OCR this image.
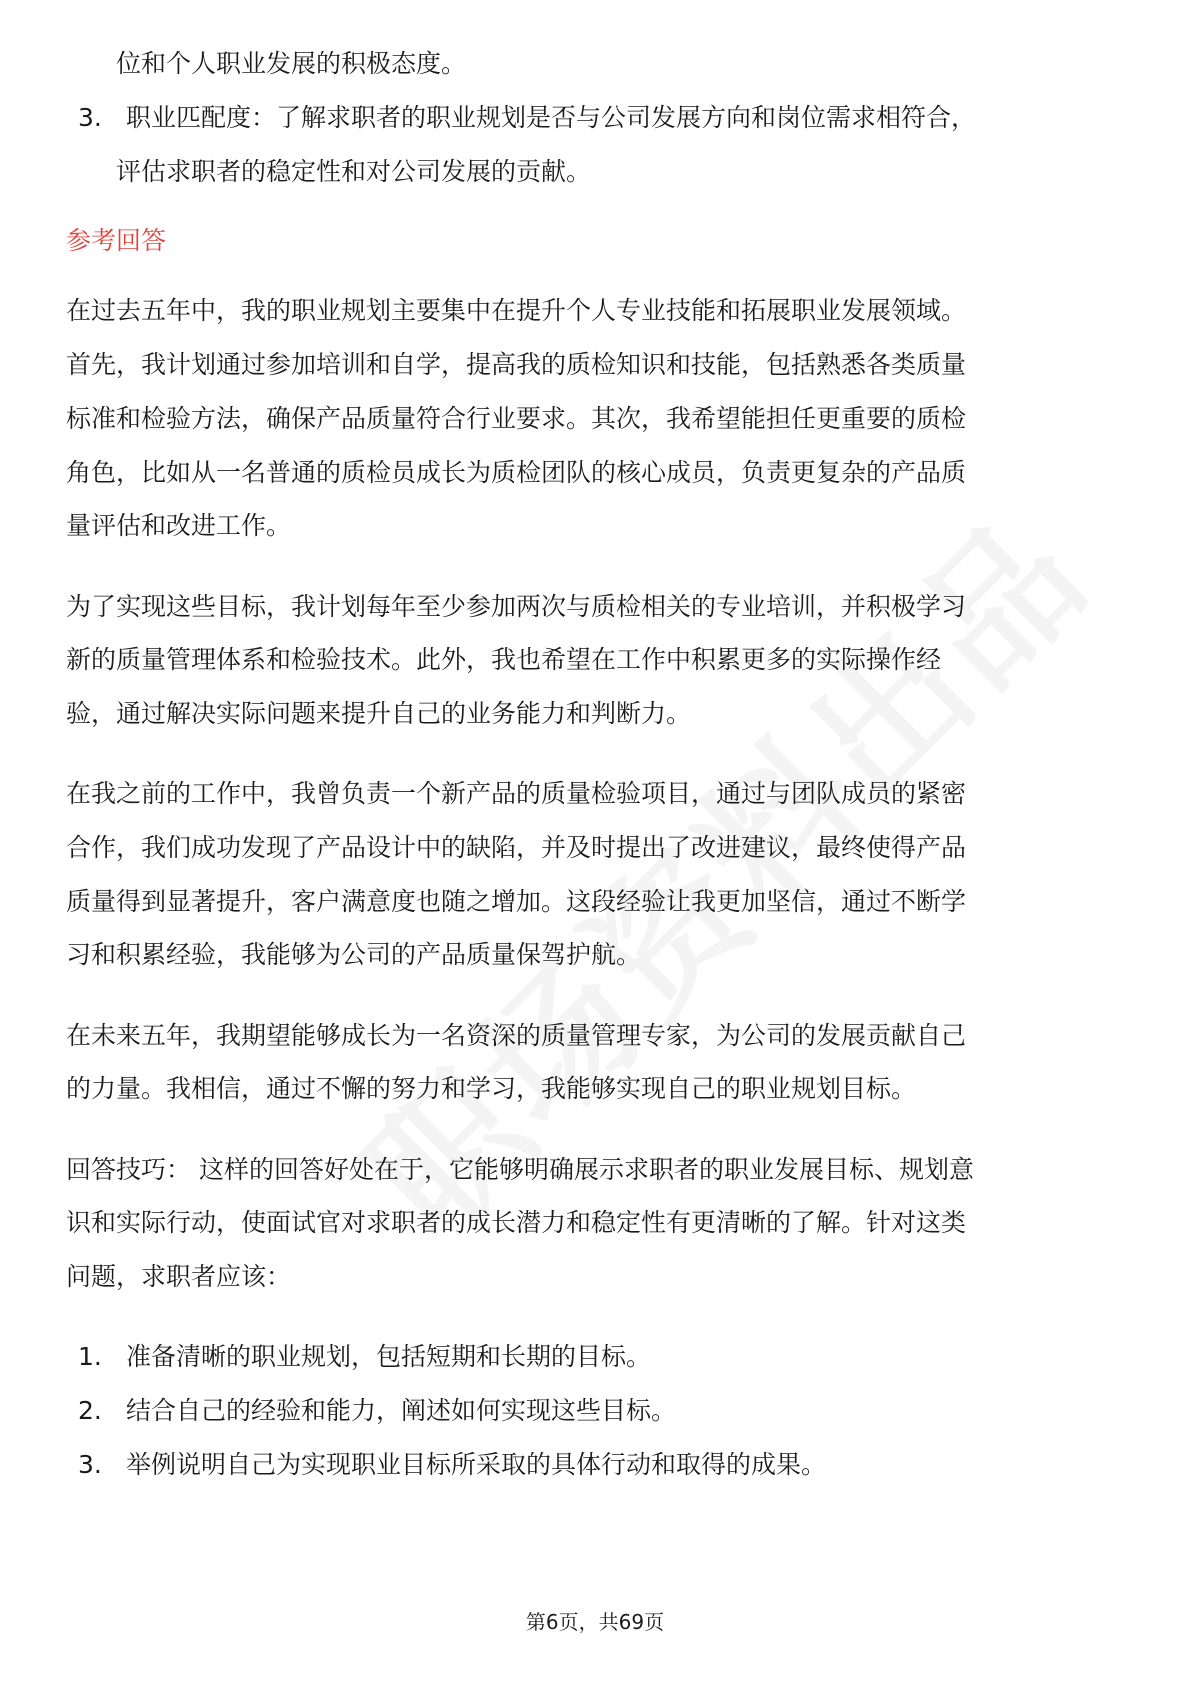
位和个人职业发展的积极态度。
3. 职业匹配度：了解求职者的职业规划是否与公司发展方向和岗位需求相符合，
评估求职者的稳定性和对公司发展的贡献。
参考回答
在过去五年中，我的职业规划主要集中在提升个人专业技能和拓展职业发展领域。
首先，我计划通过参加培训和自学，提高我的质检知识和技能，包括熟悉各类质量
标准和检验方法，确保产品质量符合行业要求。其次，我希望能担任更重要的质检
角色，比如从一名普通的质检员成长为质检团队的核心成员，负责更复杂的产品质
量评估和改进工作。
为了实现这些目标，我计划每年至少参加两次与质检相关的专业培训，并积极学习
新的质量管理体系和检验技术。此外，我也希望在工作中积累更多的实际操作经
验，通过解决实际问题来提升自己的业务能力和判断力。
在我之前的工作中，我曾负责一个新产品的质量检验项目，通过与团队成员的紧密
合作，我们成功发现了产品设计中的缺陷，并及时提出了改进建议，最终使得产品
质量得到显著提升，客户满意度也随之增加。这段经验让我更加坚信，通过不断学
习和积累经验，我能够为公司的产品质量保驾护航。
在未来五年，我期望能够成长为一名资深的质量管理专家，为公司的发展贡献自己
的力量。我相信，通过不懈的努力和学习，我能够实现自己的职业规划目标。
回答技巧： 这样的回答好处在于，它能够明确展示求职者的职业发展目标、规划意
识和实际行动，使面试官对求职者的成长潜力和稳定性有更清晰的了解。针对这类
问题，求职者应该：
1. 准备清晰的职业规划，包括短期和长期的目标。
2. 结合自己的经验和能力，阐述如何实现这些目标。
3. 举例说明自己为实现职业目标所采取的具体行动和取得的成果。
第6页，共69页
